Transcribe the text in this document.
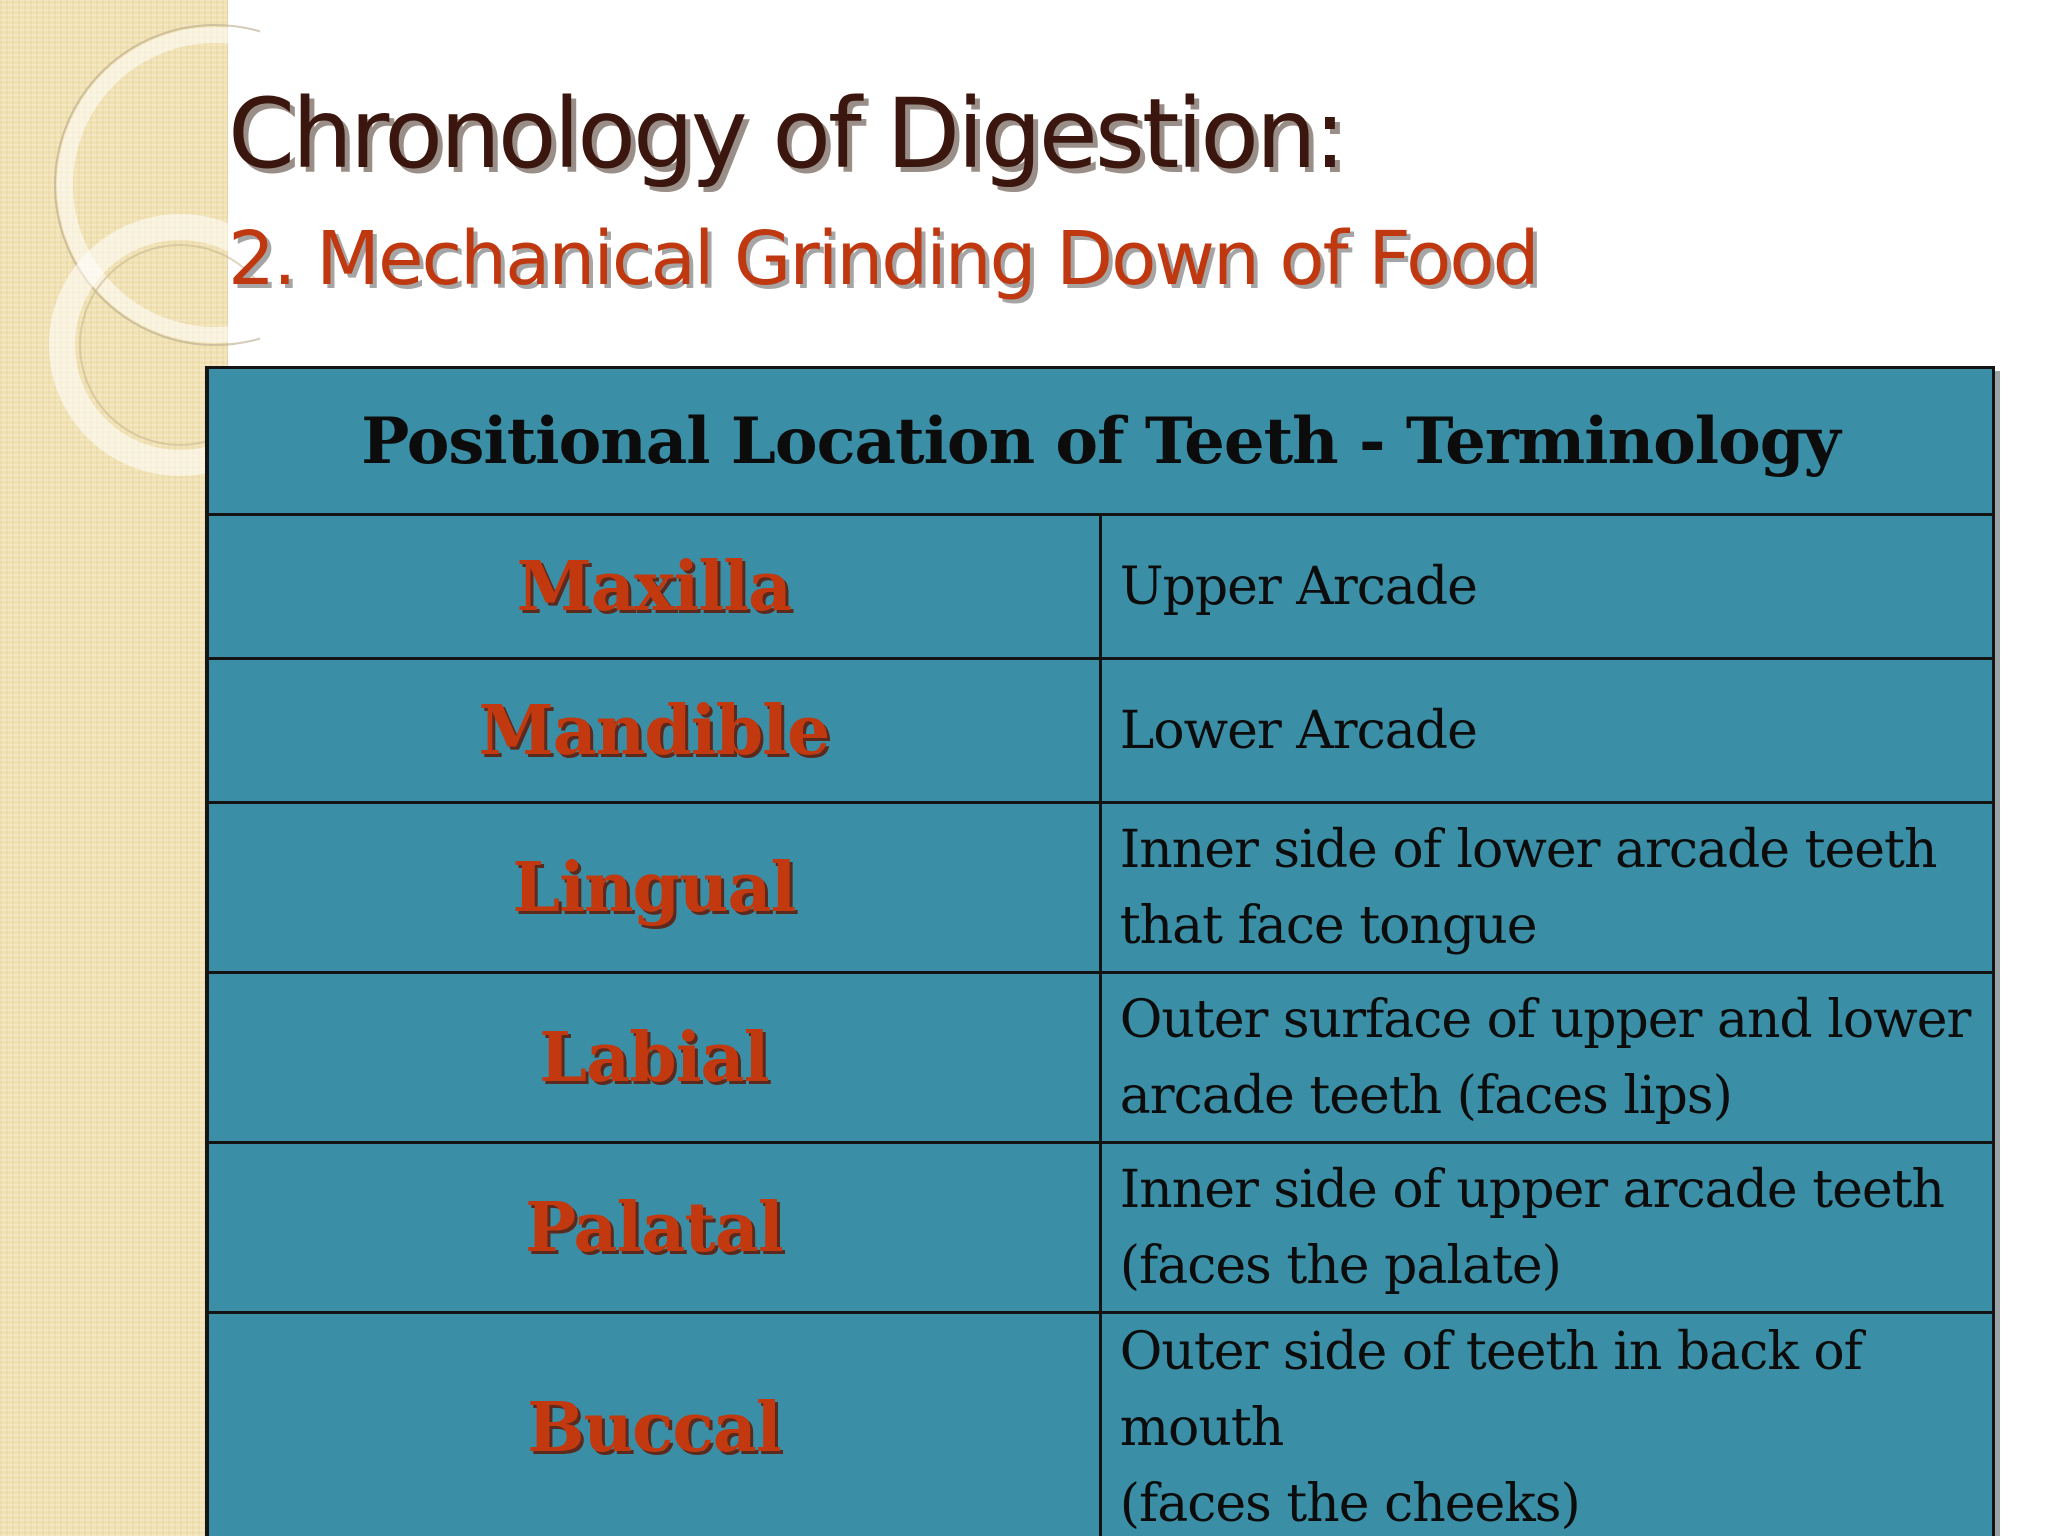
Chronology of Digestion:
2. Mechanical Grinding Down of Food
Positional Location of Teeth - Terminology	
Maxilla	Upper Arcade

Mandible	Lower Arcade

Lingual	Inner side of lower arcade teeth
that face tongue

Labial	Outer surface of upper and lower
arcade teeth (faces lips)

Palatal	Inner side of upper arcade teeth
(faces the palate)

Buccal	Outer side of teeth in back of mouth
(faces the cheeks)
